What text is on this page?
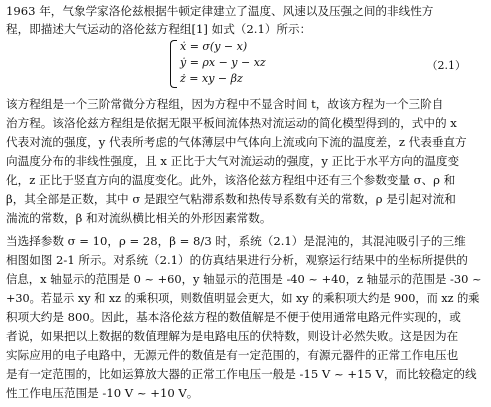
1963 年，气象学家洛伦兹根据牛顿定律建立了温度、风速以及压强之间的非线性方
程，即描述大气运动的洛伦兹方程组[1] 如式（2.1）所示：
ẋ = σ(y − x)
ẏ = ρx − y − xz
ż = xy − βz
（2.1）
该方程组是一个三阶常微分方程组，因为方程中不显含时间 t，故该方程为一个三阶自
治方程。该洛伦兹方程组是依据无限平板间流体热对流运动的简化模型得到的，式中的 x
代表对流的强度，y 代表所考虑的气体薄层中气体向上流或向下流的温度差，z 代表垂直方
向温度分布的非线性强度，且 x 正比于大气对流运动的强度，y 正比于水平方向的温度变
化，z 正比于竖直方向的温度变化。此外，该洛伦兹方程组中还有三个参数变量 σ、ρ 和
β，其全部是正数，其中 σ 是跟空气粘滞系数和热传导系数有关的常数，ρ 是引起对流和
湍流的常数，β 和对流纵横比相关的外形因素常数。
当选择参数 σ = 10，ρ = 28，β = 8/3 时，系统（2.1）是混沌的，其混沌吸引子的三维
相图如图 2-1 所示。对系统（2.1）的仿真结果进行分析，观察运行结果中的坐标所提供的
信息，x 轴显示的范围是 0 ~ +60，y 轴显示的范围是 -40 ~ +40，z 轴显示的范围是 -30 ~
+30。若显示 xy 和 xz 的乘积项，则数值明显会更大，如 xy 的乘积项大约是 900，而 xz 的乘
积项大约是 800。因此，基本洛伦兹方程的数值解是不便于使用通常电路元件实现的，或
者说，如果把以上数据的数值理解为是电路电压的伏特数，则设计必然失败。这是因为在
实际应用的电子电路中，无源元件的数值是有一定范围的，有源元器件的正常工作电压也
是有一定范围的，比如运算放大器的正常工作电压一般是 -15 V ~ +15 V，而比较稳定的线
性工作电压范围是 -10 V ~ +10 V。
